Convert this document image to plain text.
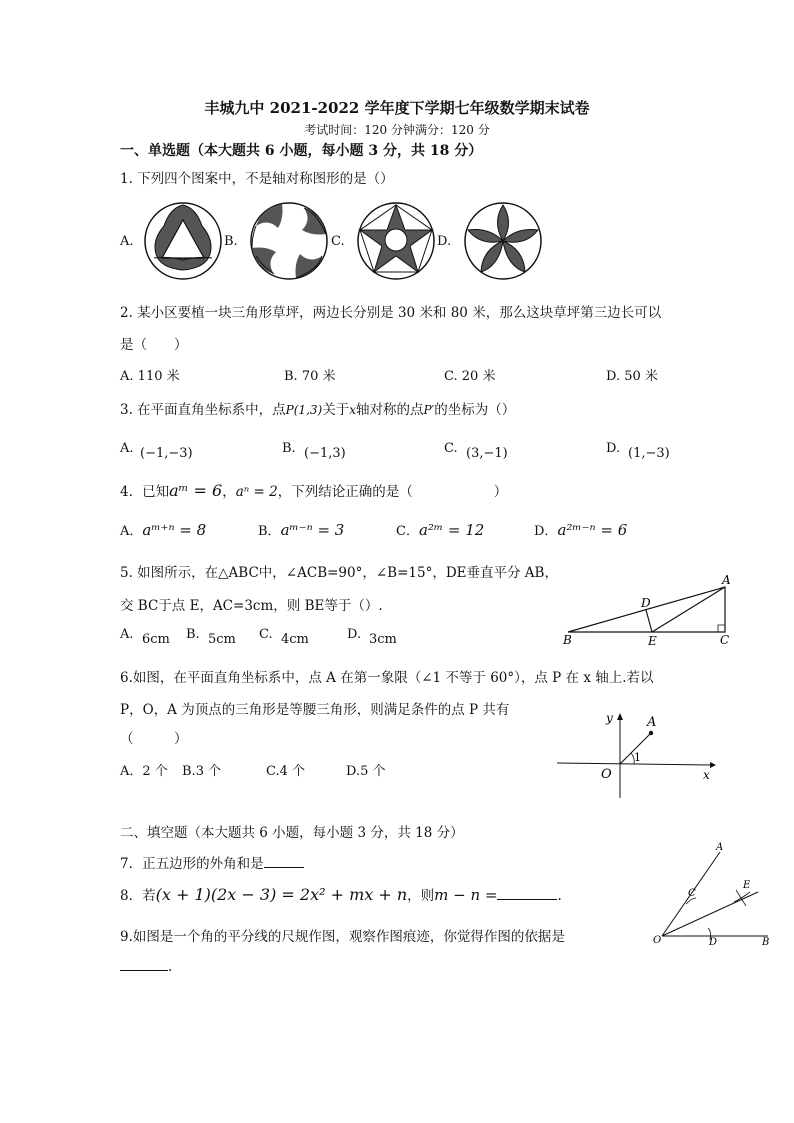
丰城九中 2021-2022 学年度下学期七年级数学期末试卷
考试时间：120 分钟满分：120 分
一、单选题（本大题共 6 小题，每小题 3 分，共 18 分）
1. 下列四个图案中，不是轴对称图形的是（）
A.	B.	C.	D.
2. 某小区要植一块三角形草坪，两边长分别是 30 米和 80 米，那么这块草坪第三边长可以
是（　　）
A. 110 米	B. 70 米	C. 20 米	D. 50 米
3. 在平面直角坐标系中，点P(1,3)关于x轴对称的点P′的坐标为（）
A. (−1,−3)	B. (−1,3)	C. (3,−1)	D. (1,−3)
4．已知aᵐ = 6，aⁿ = 2，下列结论正确的是（　　　　　　）
A．aᵐ⁺ⁿ = 8	B．aᵐ⁻ⁿ = 3	C．a²ᵐ = 12	D．a²ᵐ⁻ⁿ = 6
5. 如图所示，在△ABC中，∠ACB=90°，∠B=15°，DE垂直平分 AB，
交 BC于点 E，AC=3cm，则 BE等于（）.
A. 6cm B. 5cm C. 4cm	D. 3cm
A
B	C
D
E
6.如图，在平面直角坐标系中，点 A 在第一象限（∠1 不等于 60°），点 P 在 x 轴上.若以
P，O，A 为顶点的三角形是等腰三角形，则满足条件的点 P 共有
（　　　）
A．2 个 B.3 个	C.4 个	D.5 个
y	A
O
1
x
二、填空题（本大题共 6 小题，每小题 3 分，共 18 分）
7．正五边形的外角和是
8．若(x + 1)(2x − 3) = 2x² + mx + n，则m − n =	.
9.如图是一个角的平分线的尺规作图，观察作图痕迹，你觉得作图的依据是
.
A
C
E
O	D	B
